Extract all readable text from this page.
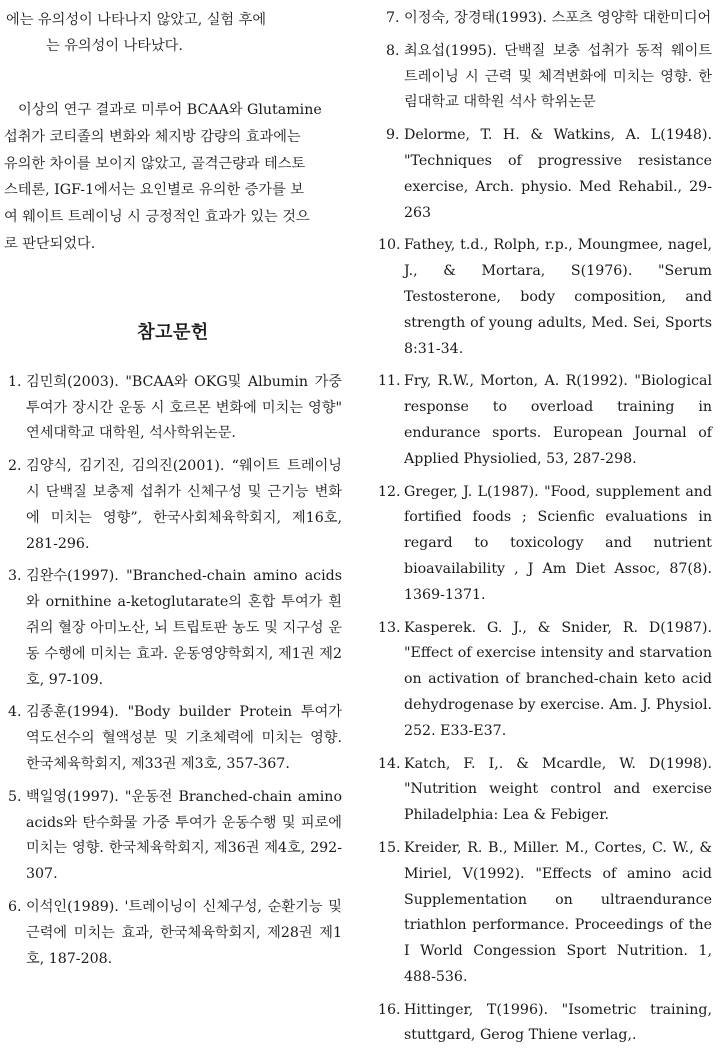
에는 유의성이 나타나지 않았고, 실험 후에
는 유의성이 나타났다.
이상의 연구 결과로 미루어 BCAA와 Glutamine
섭취가 코티졸의 변화와 체지방 감량의 효과에는
유의한 차이를 보이지 않았고, 골격근량과 테스토
스테론, IGF-1에서는 요인별로 유의한 증가를 보
여 웨이트 트레이닝 시 긍정적인 효과가 있는 것으
로 판단되었다.
참고문헌
1. 김민희(2003). "BCAA와 OKG및 Albumin 가중 투여가 장시간 운동 시 호르몬 변화에 미치는 영향" 연세대학교 대학원, 석사학위논문.
2. 김양식, 김기진, 김의진(2001). “웨이트 트레이닝 시 단백질 보충제 섭취가 신체구성 및 근기능 변화에 미치는 영향”, 한국사회체육학회지, 제16호, 281-296.
3. 김완수(1997). "Branched-chain amino acids와 ornithine a-ketoglutarate의 혼합 투여가 흰쥐의 혈장 아미노산, 뇌 트립토판 농도 및 지구성 운동 수행에 미치는 효과. 운동영양학회지, 제1권 제2호, 97-109.
4. 김종훈(1994). "Body builder Protein 투여가 역도선수의 혈액성분 및 기초체력에 미치는 영향. 한국체육학회지, 제33권 제3호, 357-367.
5. 백일영(1997). "운동전 Branched-chain amino acids와 탄수화물 가중 투여가 운동수행 및 피로에 미치는 영향. 한국체육학회지, 제36권 제4호, 292-307.
6. 이석인(1989). '트레이닝이 신체구성, 순환기능 및 근력에 미치는 효과, 한국체육학회지, 제28권 제1호, 187-208.
7. 이정숙, 장경태(1993). 스포츠 영양학 대한미디어
8. 최요섭(1995). 단백질 보충 섭취가 동적 웨이트 트레이닝 시 근력 및 체격변화에 미치는 영향. 한림대학교 대학원 석사 학위논문
9. Delorme, T. H. & Watkins, A. L(1948). "Techniques of progressive resistance exercise, Arch. physio. Med Rehabil., 29-263
10. Fathey, t.d., Rolph, r.p., Moungmee, nagel, J., & Mortara, S(1976). "Serum Testosterone, body composition, and strength of young adults, Med. Sei, Sports 8:31-34.
11. Fry, R.W., Morton, A. R(1992). "Biological response to overload training in endurance sports. European Journal of Applied Physiolied, 53, 287-298.
12. Greger, J. L(1987). "Food, supplement and fortified foods ; Scienfic evaluations in regard to toxicology and nutrient bioavailability , J Am Diet Assoc, 87(8). 1369-1371.
13. Kasperek. G. J., & Snider, R. D(1987). "Effect of exercise intensity and starvation on activation of branched-chain keto acid dehydrogenase by exercise. Am. J. Physiol. 252. E33-E37.
14. Katch, F. I,. & Mcardle, W. D(1998). "Nutrition weight control and exercise Philadelphia: Lea & Febiger.
15. Kreider, R. B., Miller. M., Cortes, C. W., & Miriel, V(1992). "Effects of amino acid Supplementation on ultraendurance triathlon performance. Proceedings of the I World Congession Sport Nutrition. 1, 488-536.
16. Hittinger, T(1996). "Isometric training, stuttgard, Gerog Thiene verlag,.
